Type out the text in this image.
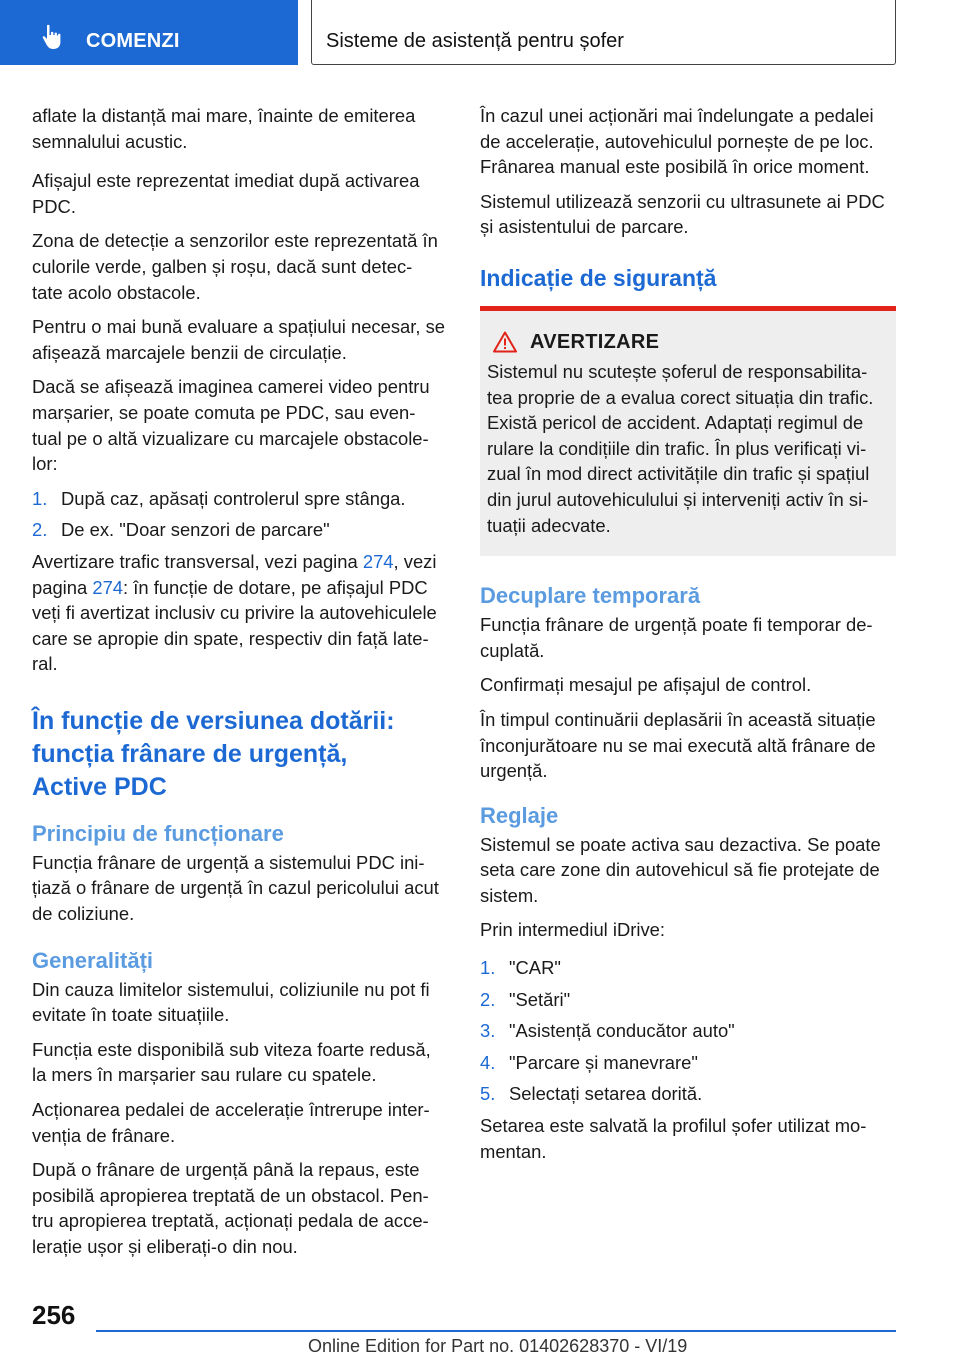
COMENZI	Sisteme de asistență pentru șofer

aflate la distanță mai mare, înainte de emiterea semnalului acustic.

Afișajul este reprezentat imediat după activarea PDC.

Zona de detecție a senzorilor este reprezentată în culorile verde, galben și roșu, dacă sunt detec- tate acolo obstacole.

Pentru o mai bună evaluare a spațiului necesar, se afișează marcajele benzii de circulație.

Dacă se afișează imaginea camerei video pentru marșarier, se poate comuta pe PDC, sau even- tual pe o altă vizualizare cu marcajele obstacole- lor:

1. După caz, apăsați controlerul spre stânga.
2. De ex. "Doar senzori de parcare"

Avertizare trafic transversal, vezi pagina 274, vezi pagina 274: în funcție de dotare, pe afișajul PDC veți fi avertizat inclusiv cu privire la autovehiculele care se apropie din spate, respectiv din față late- ral.

În funcție de versiunea dotării:
funcția frânare de urgență,
Active PDC
Principiu de funcționare

Funcția frânare de urgență a sistemului PDC ini- țiază o frânare de urgență în cazul pericolului acut de coliziune.

Generalități

Din cauza limitelor sistemului, coliziunile nu pot fi evitate în toate situațiile.

Funcția este disponibilă sub viteza foarte redusă, la mers în marșarier sau rulare cu spatele.

Acționarea pedalei de accelerație întrerupe inter- venția de frânare.

După o frânare de urgență până la repaus, este posibilă apropierea treptată de un obstacol. Pen- tru apropierea treptată, acționați pedala de acce- lerație ușor și eliberați-o din nou.

În cazul unei acționări mai îndelungate a pedalei de accelerație, autovehiculul pornește de pe loc. Frânarea manual este posibilă în orice moment.

Sistemul utilizează senzorii cu ultrasunete ai PDC și asistentului de parcare.

Indicație de siguranță
AVERTIZARE

Sistemul nu scutește șoferul de responsabilita- tea proprie de a evalua corect situația din trafic. Există pericol de accident. Adaptați regimul de rulare la condițiile din trafic. În plus verificați vi- zual în mod direct activitățile din trafic și spațiul din jurul autovehiculului și interveniți activ în si- tuații adecvate.

Decuplare temporară

Funcția frânare de urgență poate fi temporar de- cuplată.

Confirmați mesajul pe afișajul de control.

În timpul continuării deplasării în această situație înconjurătoare nu se mai execută altă frânare de urgență.

Reglaje

Sistemul se poate activa sau dezactiva. Se poate seta care zone din autovehicul să fie protejate de sistem.

Prin intermediul iDrive:

1. "CAR"
2. "Setări"
3. "Asistență conducător auto"
4. "Parcare și manevrare"
5. Selectați setarea dorită.

Setarea este salvată la profilul șofer utilizat mo- mentan.

256
Online Edition for Part no. 01402628370 - VI/19
